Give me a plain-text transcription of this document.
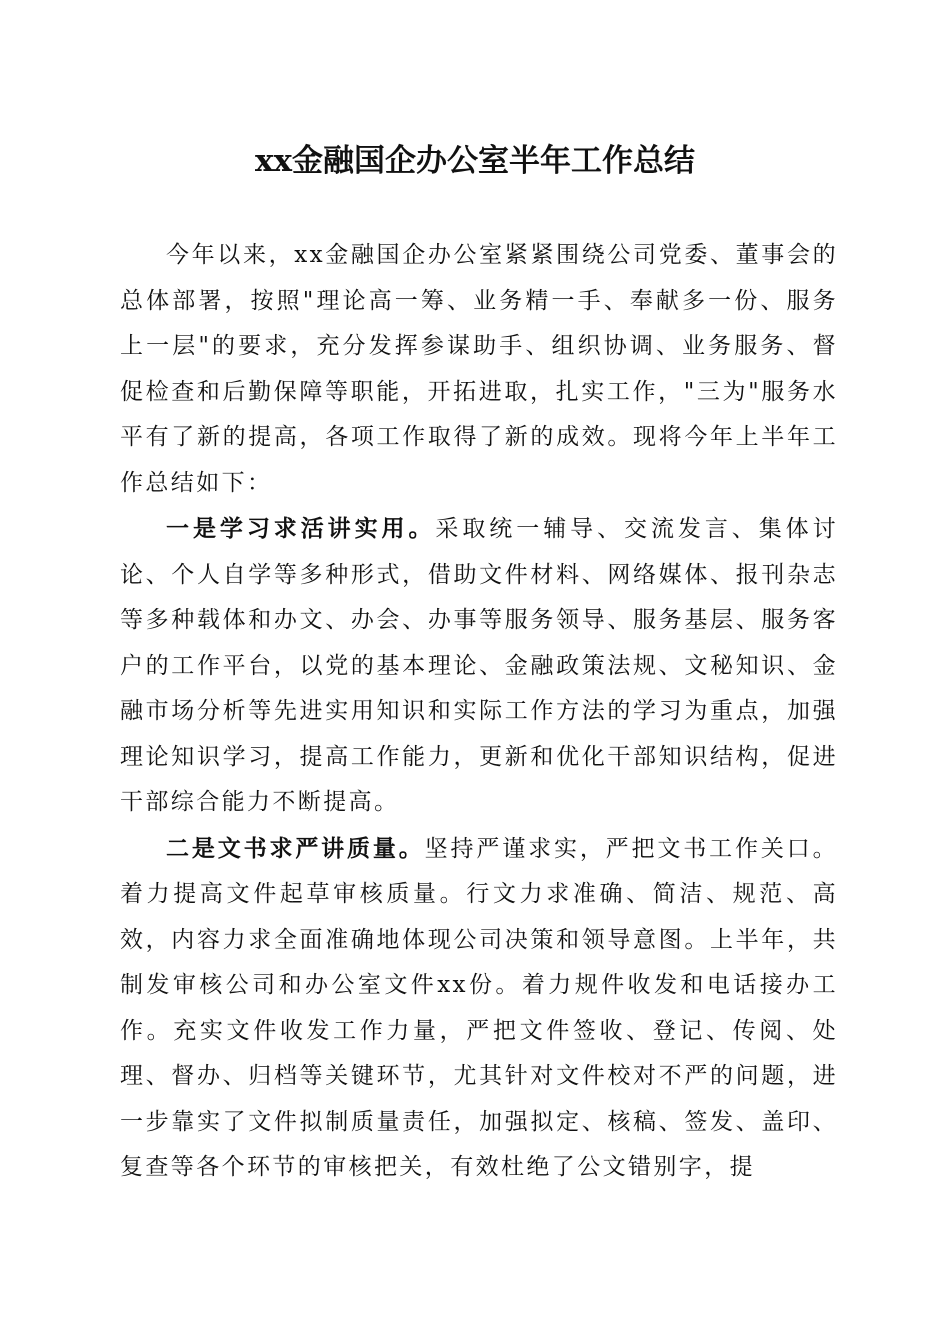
xx金融国企办公室半年工作总结

今年以来，xx金融国企办公室紧紧围绕公司党委、董事会的总体部署，按照"理论高一筹、业务精一手、奉献多一份、服务上一层"的要求，充分发挥参谋助手、组织协调、业务服务、督促检查和后勤保障等职能，开拓进取，扎实工作，"三为"服务水平有了新的提高，各项工作取得了新的成效。现将今年上半年工作总结如下：

一是学习求活讲实用。采取统一辅导、交流发言、集体讨论、个人自学等多种形式，借助文件材料、网络媒体、报刊杂志等多种载体和办文、办会、办事等服务领导、服务基层、服务客户的工作平台，以党的基本理论、金融政策法规、文秘知识、金融市场分析等先进实用知识和实际工作方法的学习为重点，加强理论知识学习，提高工作能力，更新和优化干部知识结构，促进干部综合能力不断提高。

二是文书求严讲质量。坚持严谨求实，严把文书工作关口。着力提高文件起草审核质量。行文力求准确、简洁、规范、高效，内容力求全面准确地体现公司决策和领导意图。上半年，共制发审核公司和办公室文件xx份。着力规件收发和电话接办工作。充实文件收发工作力量，严把文件签收、登记、传阅、处理、督办、归档等关键环节，尤其针对文件校对不严的问题，进一步靠实了文件拟制质量责任，加强拟定、核稿、签发、盖印、复查等各个环节的审核把关，有效杜绝了公文错别字，提
